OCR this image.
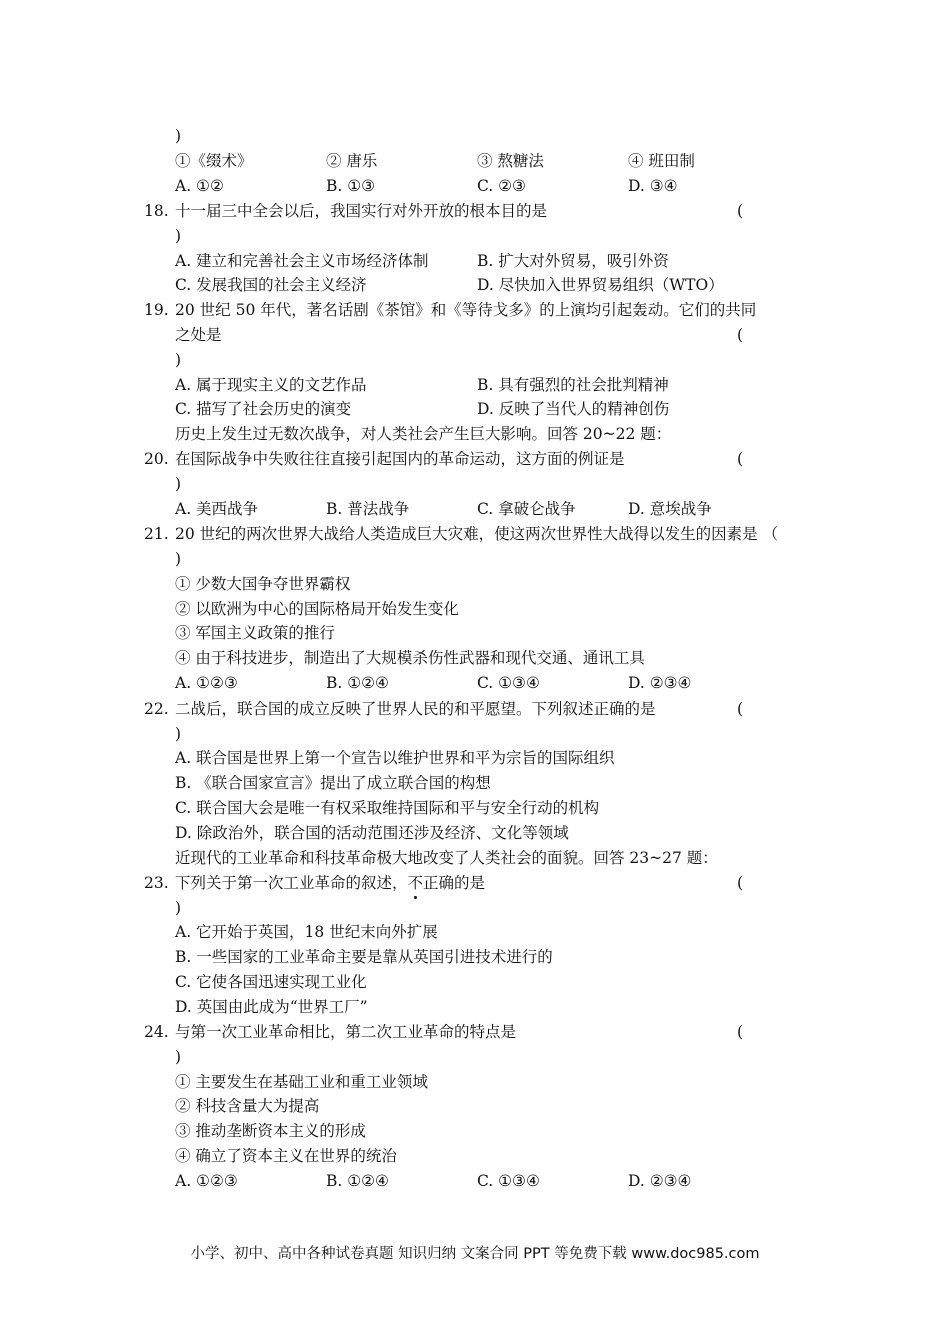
)
①《缀术》	② 唐乐	③ 熬糖法	④ 班田制
A. ①②	B. ①③	C. ②③	D. ③④
18. 十一届三中全会以后，我国实行对外开放的根本目的是	(
)
A. 建立和完善社会主义市场经济体制	B. 扩大对外贸易，吸引外资
C. 发展我国的社会主义经济	D. 尽快加入世界贸易组织（WTO）
19. 20 世纪 50 年代，著名话剧《茶馆》和《等待戈多》的上演均引起轰动。它们的共同
之处是	(
)
A. 属于现实主义的文艺作品	B. 具有强烈的社会批判精神
C. 描写了社会历史的演变	D. 反映了当代人的精神创伤
历史上发生过无数次战争，对人类社会产生巨大影响。回答 20~22 题：
20. 在国际战争中失败往往直接引起国内的革命运动，这方面的例证是	(
)
A. 美西战争	B. 普法战争	C. 拿破仑战争	D. 意埃战争
21. 20 世纪的两次世界大战给人类造成巨大灾难，使这两次世界性大战得以发生的因素是 （
)
① 少数大国争夺世界霸权
② 以欧洲为中心的国际格局开始发生变化
③ 军国主义政策的推行
④ 由于科技进步，制造出了大规模杀伤性武器和现代交通、通讯工具
A. ①②③	B. ①②④	C. ①③④	D. ②③④
22. 二战后，联合国的成立反映了世界人民的和平愿望。下列叙述正确的是	(
)
A. 联合国是世界上第一个宣告以维护世界和平为宗旨的国际组织
B. 《联合国家宣言》提出了成立联合国的构想
C. 联合国大会是唯一有权采取维持国际和平与安全行动的机构
D. 除政治外，联合国的活动范围还涉及经济、文化等领域
近现代的工业革命和科技革命极大地改变了人类社会的面貌。回答 23~27 题：
23. 下列关于第一次工业革命的叙述，不正确的是	(
)
A. 它开始于英国，18 世纪末向外扩展
B. 一些国家的工业革命主要是靠从英国引进技术进行的
C. 它使各国迅速实现工业化
D. 英国由此成为“世界工厂”
24. 与第一次工业革命相比，第二次工业革命的特点是	(
)
① 主要发生在基础工业和重工业领域
② 科技含量大为提高
③ 推动垄断资本主义的形成
④ 确立了资本主义在世界的统治
A. ①②③	B. ①②④	C. ①③④	D. ②③④
小学、初中、高中各种试卷真题 知识归纳 文案合同 PPT 等免费下载 www.doc985.com
